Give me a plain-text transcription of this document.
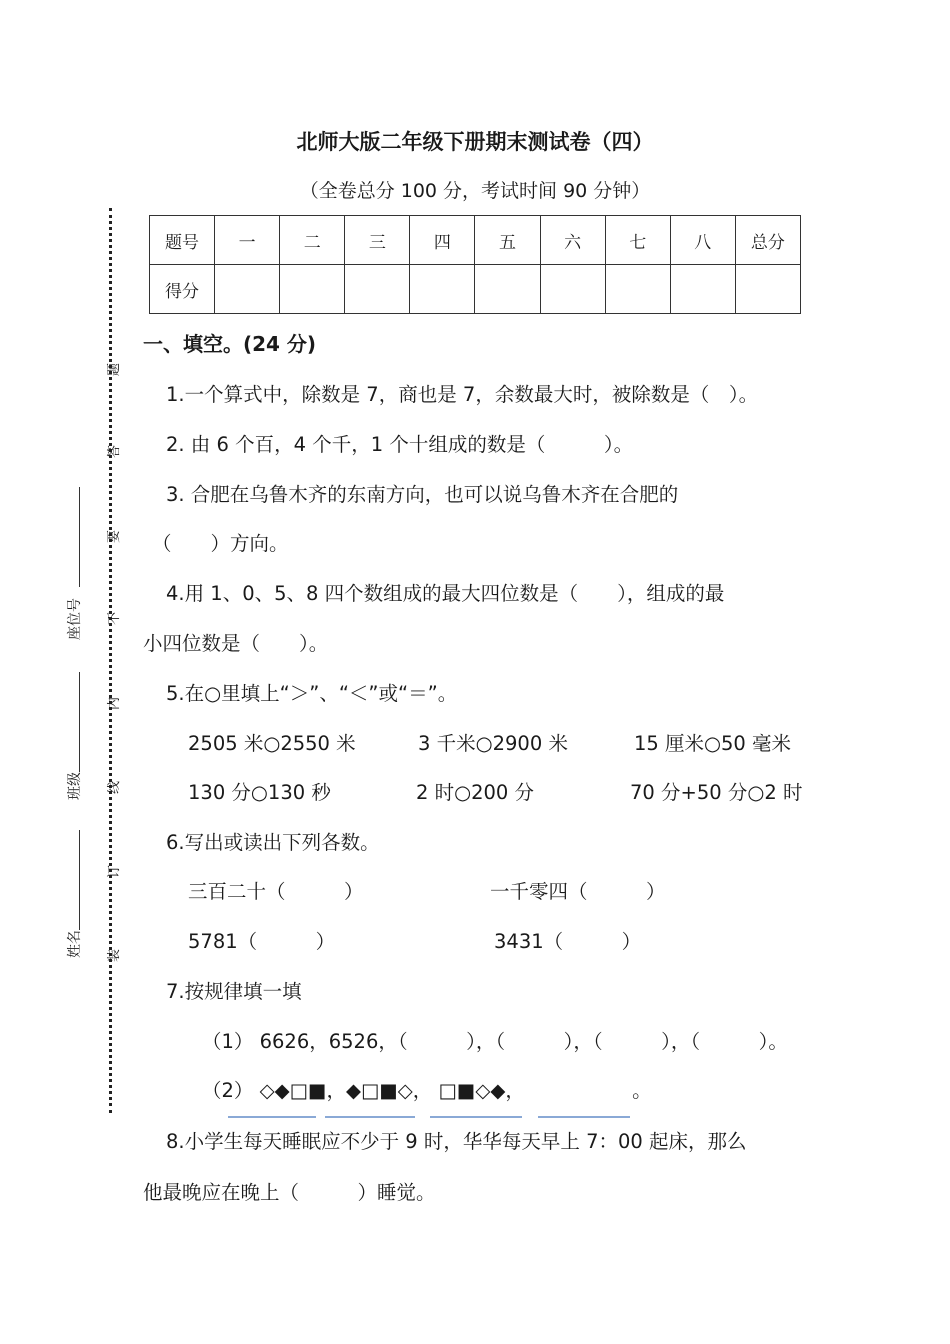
北师大版二年级下册期末测试卷（四）
（全卷总分 100 分，考试时间 90 分钟）
题号	一	二	三	四	五	六	七	八	总分
得分									
题
答
要
不
内
线
订
装
座位号
班级
姓名
一、填空。(24 分)
1.一个算式中，除数是 7，商也是 7，余数最大时，被除数是（　）。
2. 由 6 个百，4 个千，1 个十组成的数是（　　　）。
3. 合肥在乌鲁木齐的东南方向，也可以说乌鲁木齐在合肥的
（　　）方向。
4.用 1、0、5、8 四个数组成的最大四位数是（　　），组成的最
小四位数是（　　）。
5.在○里填上“＞”、“＜”或“＝”。
2505 米○2550 米	3 千米○2900 米	15 厘米○50 毫米
130 分○130 秒	2 时○200 分	70 分+50 分○2 时
6.写出或读出下列各数。
三百二十（　　　）	一千零四（　　　）
5781（　　　）	3431（　　　）
7.按规律填一填
（1） 6626，6526，（　　　），（　　　），（　　　），（　　　）。
（2） ◇◆□■，◆□■◇， □■◇◆，　　　　　　。
8.小学生每天睡眠应不少于 9 时，华华每天早上 7：00 起床，那么
他最晚应在晚上（　　　）睡觉。
